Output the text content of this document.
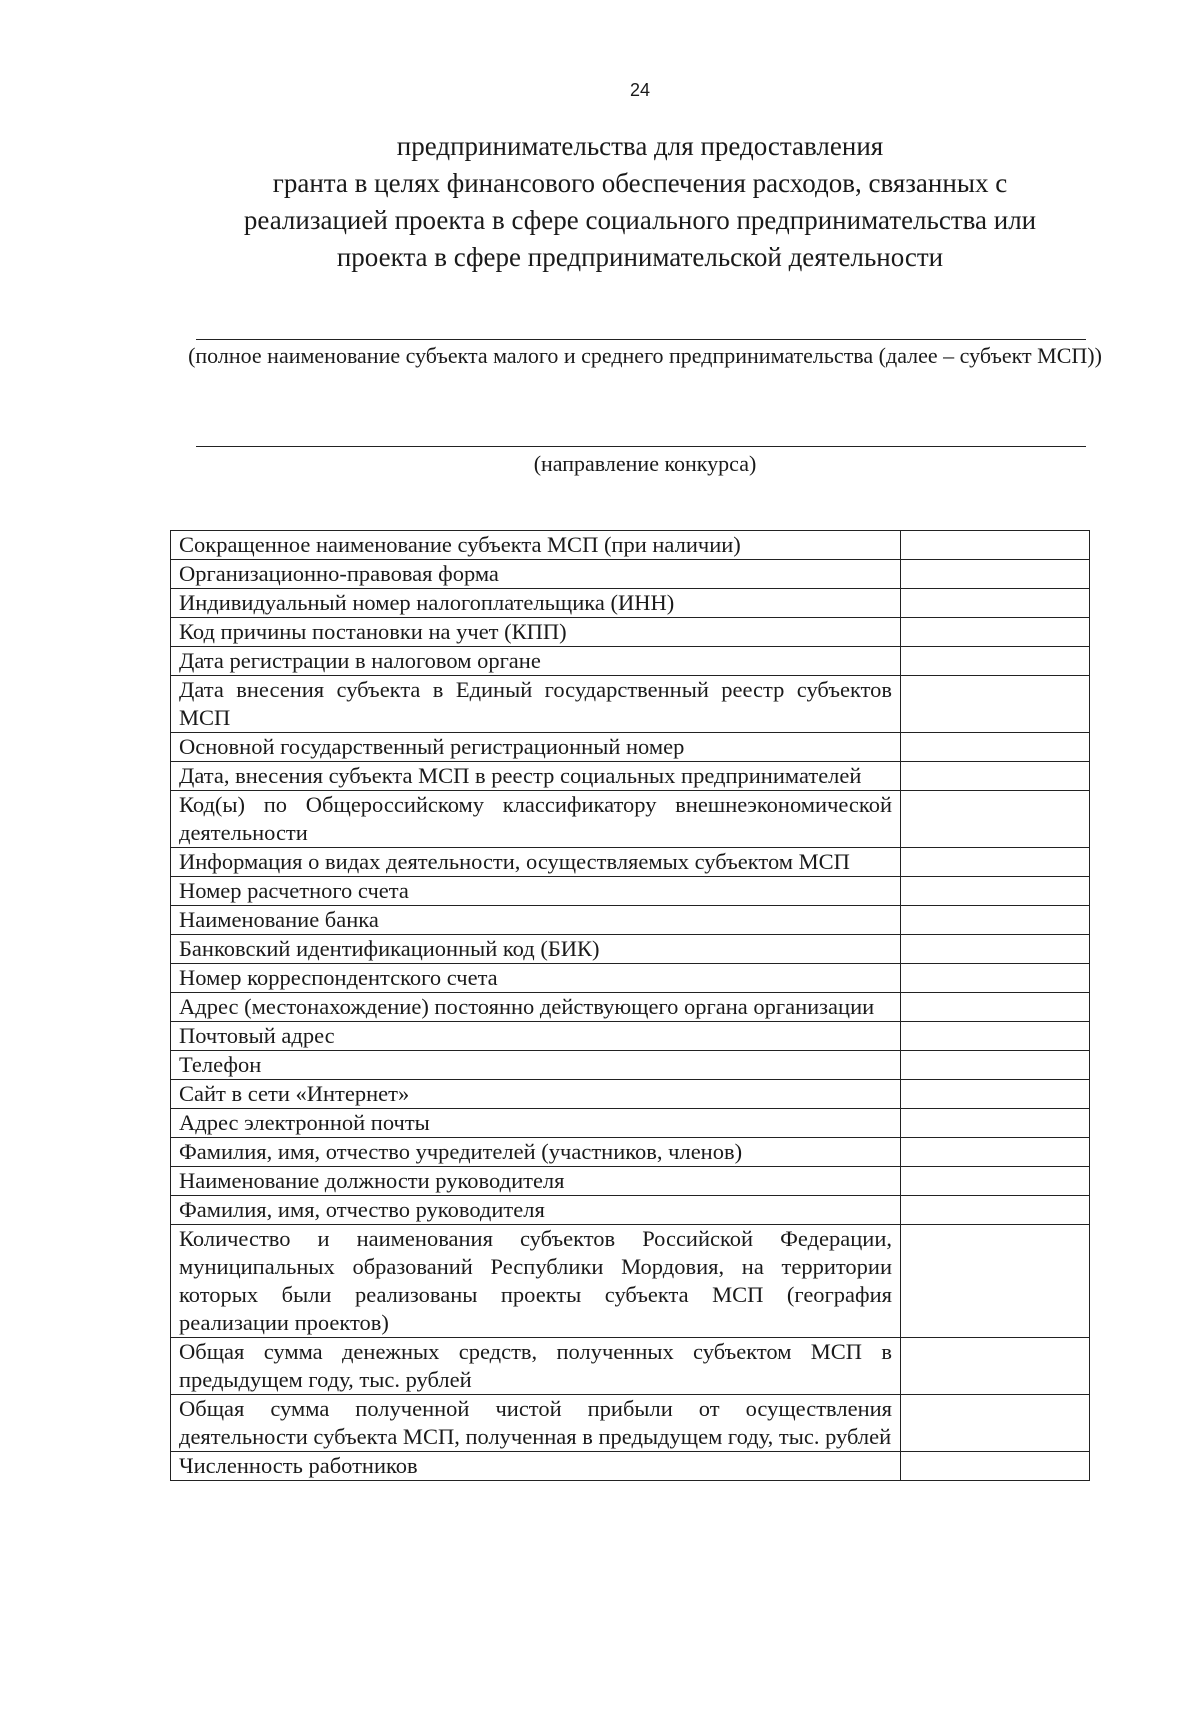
24
предпринимательства для предоставления
гранта в целях финансового обеспечения расходов, связанных с
реализацией проекта в сфере социального предпринимательства или
проекта в сфере предпринимательской деятельности
(полное наименование субъекта малого и среднего предпринимательства (далее – субъект МСП))
(направление конкурса)
Сокращенное наименование субъекта МСП (при наличии)	
Организационно-правовая форма	
Индивидуальный номер налогоплательщика (ИНН)	
Код причины постановки на учет (КПП)	
Дата регистрации в налоговом органе	
Дата внесения субъекта в Единый государственный реестр субъектов МСП	
Основной государственный регистрационный номер	
Дата, внесения субъекта МСП в реестр социальных предпринимателей	
Код(ы) по Общероссийскому классификатору внешнеэкономической деятельности	
Информация о видах деятельности, осуществляемых субъектом МСП	
Номер расчетного счета	
Наименование банка	
Банковский идентификационный код (БИК)	
Номер корреспондентского счета	
Адрес (местонахождение) постоянно действующего органа организации	
Почтовый адрес	
Телефон	
Сайт в сети «Интернет»	
Адрес электронной почты	
Фамилия, имя, отчество учредителей (участников, членов)	
Наименование должности руководителя	
Фамилия, имя, отчество руководителя	
Количество и наименования субъектов Российской Федерации, муниципальных образований Республики Мордовия, на территории которых были реализованы проекты субъекта МСП (география реализации проектов)	
Общая сумма денежных средств, полученных субъектом МСП в предыдущем году, тыс. рублей	
Общая сумма полученной чистой прибыли от осуществления деятельности субъекта МСП, полученная в предыдущем году, тыс. рублей	
Численность работников	
